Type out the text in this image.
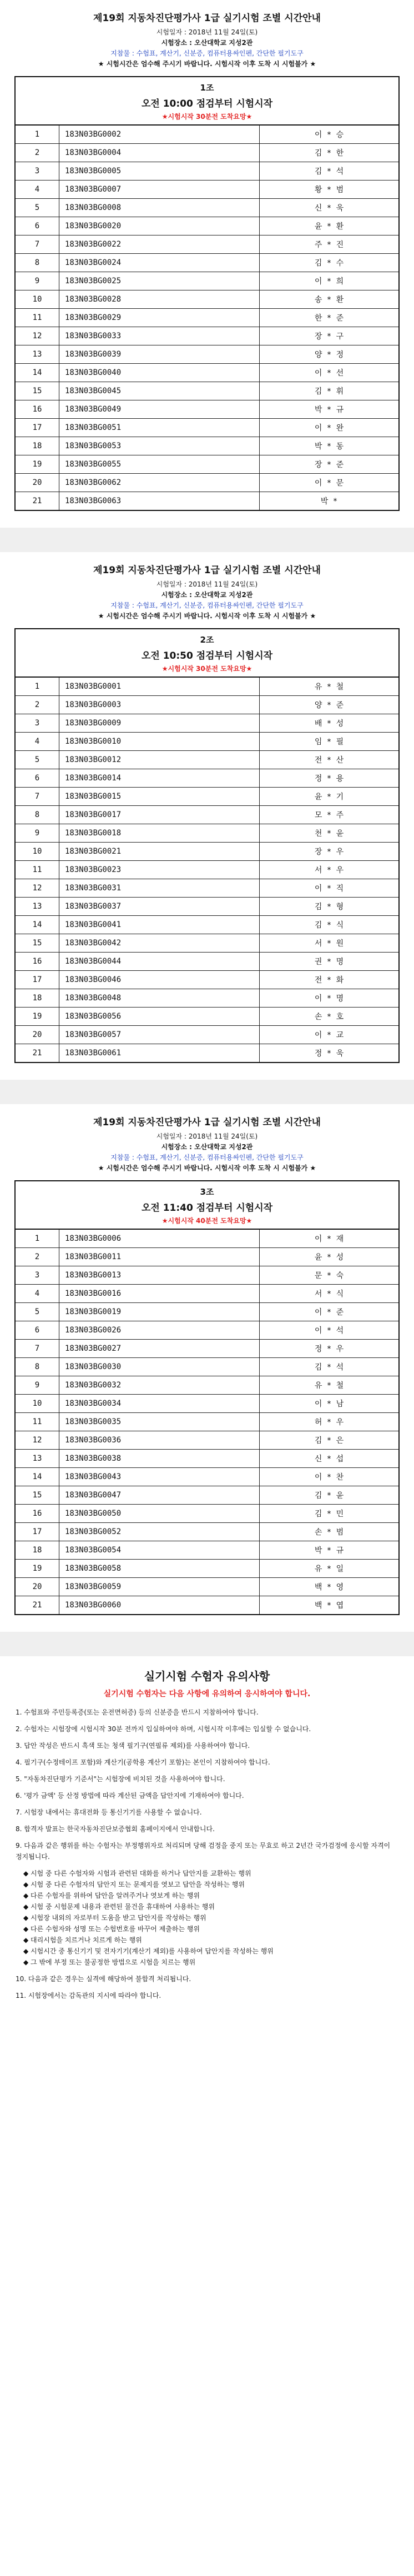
제19회 지동차진단평가사 1급 실기시험 조별 시간안내
시험일자 : 2018년 11월 24일(토)
시험장소 : 오산대학교 지성2관
지참물 : 수험표, 계산기, 신분증, 컴퓨터용싸인펜, 간단한 필기도구
★ 시험시간은 엄수해 주시기 바랍니다. 시험시작 이후 도착 시 시험불가 ★
1조
오전 10:00 점검부터 시험시작
★시험시작 30분전 도착요망★
1	183N03BG0002	이 * 승
2	183N03BG0004	김 * 한
3	183N03BG0005	김 * 석
4	183N03BG0007	황 * 범
5	183N03BG0008	신 * 욱
6	183N03BG0020	윤 * 환
7	183N03BG0022	주 * 진
8	183N03BG0024	김 * 수
9	183N03BG0025	이 * 희
10	183N03BG0028	송 * 환
11	183N03BG0029	한 * 준
12	183N03BG0033	장 * 구
13	183N03BG0039	양 * 정
14	183N03BG0040	이 * 선
15	183N03BG0045	김 * 휘
16	183N03BG0049	박 * 규
17	183N03BG0051	이 * 완
18	183N03BG0053	박 * 동
19	183N03BG0055	장 * 준
20	183N03BG0062	이 * 문
21	183N03BG0063	박 *
제19회 지동차진단평가사 1급 실기시험 조별 시간안내
시험일자 : 2018년 11월 24일(토)
시험장소 : 오산대학교 지성2관
지참물 : 수험표, 계산기, 신분증, 컴퓨터용싸인펜, 간단한 필기도구
★ 시험시간은 엄수해 주시기 바랍니다. 시험시작 이후 도착 시 시험불가 ★
2조
오전 10:50 점검부터 시험시작
★시험시작 30분전 도착요망★
1	183N03BG0001	유 * 철
2	183N03BG0003	양 * 준
3	183N03BG0009	배 * 성
4	183N03BG0010	임 * 필
5	183N03BG0012	전 * 산
6	183N03BG0014	정 * 용
7	183N03BG0015	윤 * 기
8	183N03BG0017	모 * 주
9	183N03BG0018	천 * 윤
10	183N03BG0021	장 * 우
11	183N03BG0023	서 * 우
12	183N03BG0031	이 * 직
13	183N03BG0037	김 * 형
14	183N03BG0041	김 * 식
15	183N03BG0042	서 * 원
16	183N03BG0044	권 * 명
17	183N03BG0046	전 * 화
18	183N03BG0048	이 * 명
19	183N03BG0056	손 * 호
20	183N03BG0057	이 * 교
21	183N03BG0061	정 * 욱
제19회 지동차진단평가사 1급 실기시험 조별 시간안내
시험일자 : 2018년 11월 24일(토)
시험장소 : 오산대학교 지성2관
지참물 : 수험표, 계산기, 신분증, 컴퓨터용싸인펜, 간단한 필기도구
★ 시험시간은 엄수해 주시기 바랍니다. 시험시작 이후 도착 시 시험불가 ★
3조
오전 11:40 점검부터 시험시작
★시험시작 40분전 도착요망★
1	183N03BG0006	이 * 재
2	183N03BG0011	윤 * 성
3	183N03BG0013	문 * 숙
4	183N03BG0016	서 * 식
5	183N03BG0019	이 * 준
6	183N03BG0026	이 * 석
7	183N03BG0027	정 * 우
8	183N03BG0030	김 * 석
9	183N03BG0032	유 * 철
10	183N03BG0034	이 * 남
11	183N03BG0035	허 * 우
12	183N03BG0036	김 * 은
13	183N03BG0038	신 * 섭
14	183N03BG0043	이 * 찬
15	183N03BG0047	김 * 윤
16	183N03BG0050	김 * 민
17	183N03BG0052	손 * 범
18	183N03BG0054	박 * 규
19	183N03BG0058	유 * 일
20	183N03BG0059	백 * 영
21	183N03BG0060	백 * 엽
실기시험 수험자 유의사항
실기시험 수험자는 다음 사항에 유의하여 응시하여야 합니다.

1. 수험표와 주민등록증(또는 운전면허증) 등의 신분증을 반드시 지참하여야 합니다.

2. 수험자는 시험장에 시험시작 30분 전까지 입실하여야 하며, 시험시작 이후에는 입실할 수 없습니다.

3. 답안 작성은 반드시 흑색 또는 청색 필기구(연필류 제외)를 사용하여야 합니다.

4. 필기구(수정테이프 포함)와 계산기(공학용 계산기 포함)는 본인이 지참하여야 합니다.

5. "자동차진단평가 기준서"는 시험장에 비치된 것을 사용하여야 합니다.

6. '평가 금액' 등 산정 방법에 따라 계산된 금액을 답안지에 기재하여야 합니다.

7. 시험장 내에서는 휴대전화 등 통신기기를 사용할 수 없습니다.

8. 합격자 발표는 한국자동차진단보증협회 홈페이지에서 안내합니다.

9. 다음과 같은 행위를 하는 수험자는 부정행위자로 처리되며 당해 검정을 중지 또는 무효로 하고 2년간 국가검정에 응시할 자격이 정지됩니다.

◆ 시험 중 다른 수험자와 시험과 관련된 대화를 하거나 답안지를 교환하는 행위
◆ 시험 중 다른 수험자의 답안지 또는 문제지를 엿보고 답안을 작성하는 행위
◆ 다른 수험자를 위하여 답안을 알려주거나 엿보게 하는 행위
◆ 시험 중 시험문제 내용과 관련된 물건을 휴대하여 사용하는 행위
◆ 시험장 내외의 자로부터 도움을 받고 답안지를 작성하는 행위
◆ 다른 수험자와 성명 또는 수험번호를 바꾸어 제출하는 행위
◆ 대리시험을 치르거나 치르게 하는 행위
◆ 시험시간 중 통신기기 및 전자기기(계산기 제외)를 사용하여 답안지를 작성하는 행위
◆ 그 밖에 부정 또는 불공정한 방법으로 시험을 치르는 행위

10. 다음과 같은 경우는 실격에 해당하여 불합격 처리됩니다.

11. 시험장에서는 감독관의 지시에 따라야 합니다.
